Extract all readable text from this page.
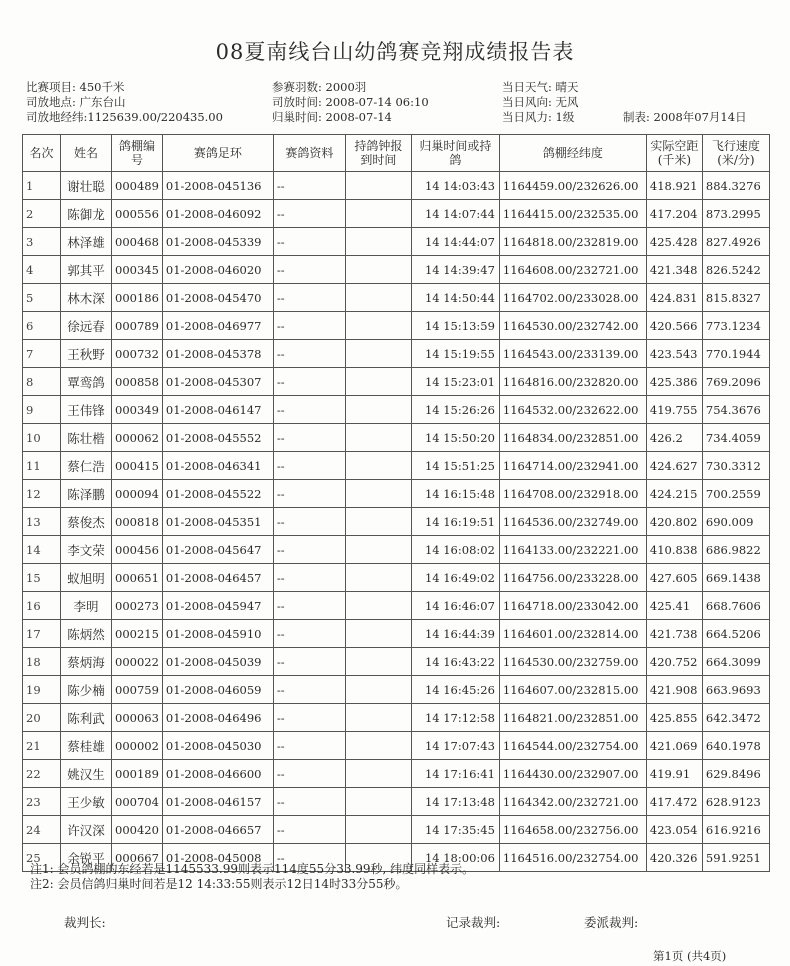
08夏南线台山幼鸽赛竞翔成绩报告表
比赛项目: 450千米
司放地点: 广东台山
司放地经纬:1125639.00/220435.00
参赛羽数: 2000羽
司放时间: 2008-07-14 06:10
归巢时间: 2008-07-14
当日天气: 晴天
当日风向: 无风
当日风力: 1级	制表: 2008年07月14日
名次	姓名	鸽棚编号	赛鸽足环	赛鸽资料	持鸽钟报到时间	归巢时间或持鸽	鸽棚经纬度	实际空距(千米)	飞行速度(米/分)
1	谢壮聪	000489	01-2008-045136	--		14 14:03:43	1164459.00/232626.00	418.921	884.3276
2	陈御龙	000556	01-2008-046092	--		14 14:07:44	1164415.00/232535.00	417.204	873.2995
3	林泽雄	000468	01-2008-045339	--		14 14:44:07	1164818.00/232819.00	425.428	827.4926
4	郭其平	000345	01-2008-046020	--		14 14:39:47	1164608.00/232721.00	421.348	826.5242
5	林木深	000186	01-2008-045470	--		14 14:50:44	1164702.00/233028.00	424.831	815.8327
6	徐远春	000789	01-2008-046977	--		14 15:13:59	1164530.00/232742.00	420.566	773.1234
7	王秋野	000732	01-2008-045378	--		14 15:19:55	1164543.00/233139.00	423.543	770.1944
8	覃鸾鸽	000858	01-2008-045307	--		14 15:23:01	1164816.00/232820.00	425.386	769.2096
9	王伟锋	000349	01-2008-046147	--		14 15:26:26	1164532.00/232622.00	419.755	754.3676
10	陈壮楷	000062	01-2008-045552	--		14 15:50:20	1164834.00/232851.00	426.2	734.4059
11	蔡仁浩	000415	01-2008-046341	--		14 15:51:25	1164714.00/232941.00	424.627	730.3312
12	陈泽鹏	000094	01-2008-045522	--		14 16:15:48	1164708.00/232918.00	424.215	700.2559
13	蔡俊杰	000818	01-2008-045351	--		14 16:19:51	1164536.00/232749.00	420.802	690.009
14	李文荣	000456	01-2008-045647	--		14 16:08:02	1164133.00/232221.00	410.838	686.9822
15	蚁旭明	000651	01-2008-046457	--		14 16:49:02	1164756.00/233228.00	427.605	669.1438
16	李明	000273	01-2008-045947	--		14 16:46:07	1164718.00/233042.00	425.41	668.7606
17	陈炳然	000215	01-2008-045910	--		14 16:44:39	1164601.00/232814.00	421.738	664.5206
18	蔡炳海	000022	01-2008-045039	--		14 16:43:22	1164530.00/232759.00	420.752	664.3099
19	陈少楠	000759	01-2008-046059	--		14 16:45:26	1164607.00/232815.00	421.908	663.9693
20	陈利武	000063	01-2008-046496	--		14 17:12:58	1164821.00/232851.00	425.855	642.3472
21	蔡桂雄	000002	01-2008-045030	--		14 17:07:43	1164544.00/232754.00	421.069	640.1978
22	姚汉生	000189	01-2008-046600	--		14 17:16:41	1164430.00/232907.00	419.91	629.8496
23	王少敏	000704	01-2008-046157	--		14 17:13:48	1164342.00/232721.00	417.472	628.9123
24	许汉深	000420	01-2008-046657	--		14 17:35:45	1164658.00/232756.00	423.054	616.9216
25	余锐平	000667	01-2008-045008	--		14 18:00:06	1164516.00/232754.00	420.326	591.9251
注1: 会员鸽棚的东经若是1145533.99则表示114度55分33.99秒, 纬度同样表示。
注2: 会员信鸽归巢时间若是12 14:33:55则表示12日14时33分55秒。
裁判长:	记录裁判:	委派裁判:
第1页 (共4页)
